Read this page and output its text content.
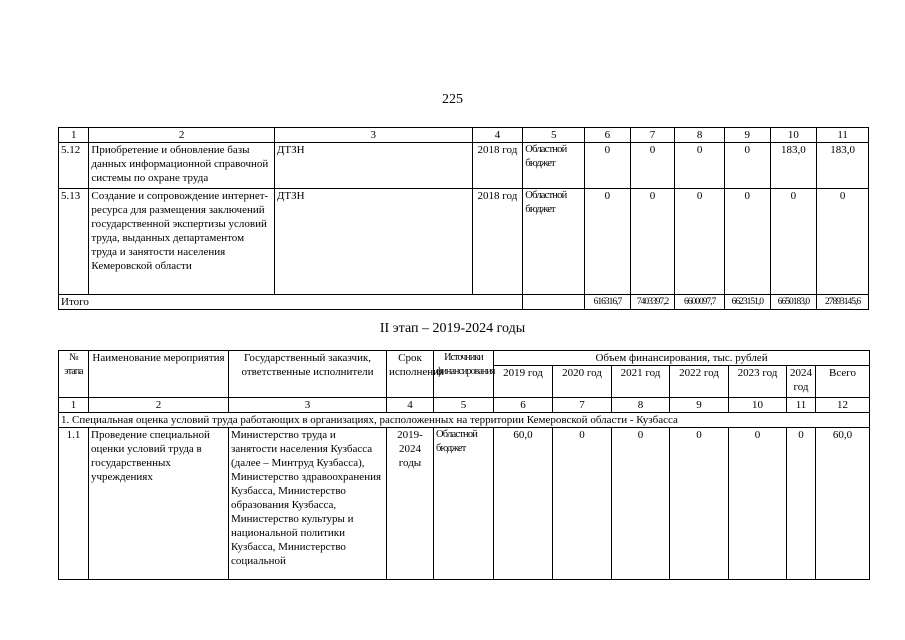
225
1	2	3	4	5	6	7	8	9	10	11
5.12	Приобретение и обновление базы данных информационной справочной системы по охране труда	ДТЗН	2018 год	Областной бюджет	0	0	0	0	183,0	183,0
5.13	Создание и сопровождение интернет-ресурса для размещения заключений государственной экспертизы условий труда, выданных департаментом труда и занятости населения Кемеровской области	ДТЗН	2018 год	Областной бюджет	0	0	0	0	0	0
Итого					616316,7	7403397,2	6600097,7	6623151,0	6650183,0	27893145,6
II этап – 2019-2024 годы
№ этапа	Наименование мероприятия	Государственный заказчик, ответственные исполнители	Срок исполнения	Источники финансирования	Объем финансирования, тыс. рублей						
					2019 год	2020 год	2021 год	2022 год	2023 год	2024 год	Всего
1	2	3	4	5	6	7	8	9	10	11	12
1. Специальная оценка условий труда работающих в организациях, расположенных на территории Кемеровской области - Кузбасса											
1.1	Проведение специальной оценки условий труда в государственных учреждениях	Министерство труда и занятости населения Кузбасса (далее – Минтруд Кузбасса), Министерство здравоохранения Кузбасса, Министерство образования Кузбасса, Министерство культуры и национальной политики Кузбасса, Министерство социальной	2019-2024 годы	Областной бюджет	60,0	0	0	0	0	0	60,0
